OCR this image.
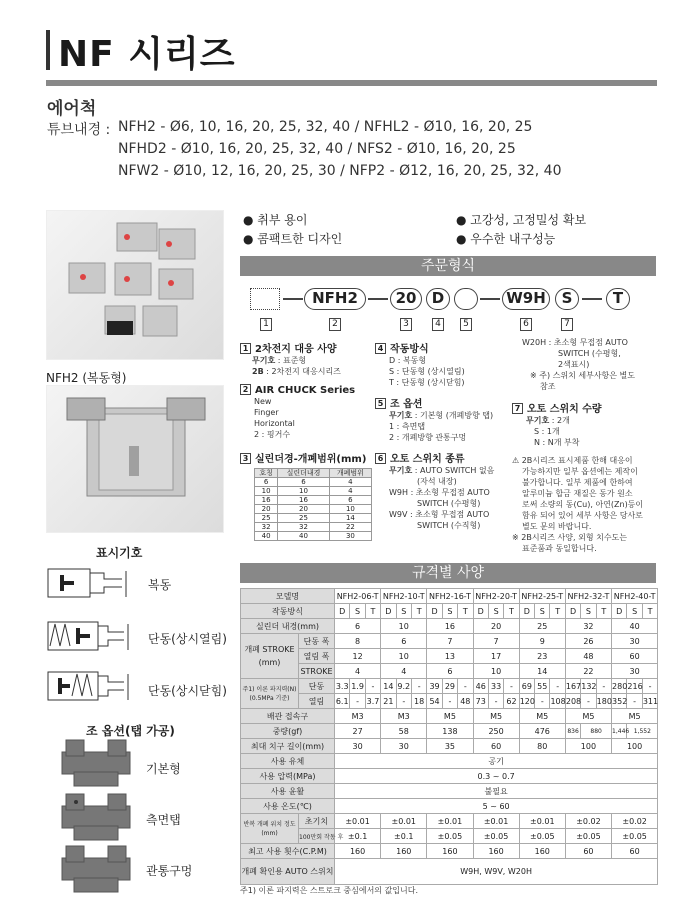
NF 시리즈
에어척
튜브내경 : NFH2 - Ø6, 10, 16, 20, 25, 32, 40 / NFHL2 - Ø10, 16, 20, 25
NFHD2 - Ø10, 16, 20, 25, 32, 40 / NFS2 - Ø10, 16, 20, 25
NFW2 - Ø10, 12, 16, 20, 25, 30 / NFP2 - Ø12, 16, 20, 25, 32, 40
NFH2 (복동형)
표시기호
복동
단동(상시열림)
단동(상시닫힘)
조 옵션(탭 가공)
기본형
측면탭
관통구멍
● 취부 용이	● 고강성, 고정밀성 확보
● 콤팩트한 디자인	● 우수한 내구성능
주문형식
NFH2	20	D	W9H	S	T
1	2	3	4	5	6	7
1 2차전지 대응 사양
무기호 : 표준형
2B : 2차전지 대응시리즈
2 AIR CHUCK Series
New
Finger
Horizontal
2 : 핑거수
3 실린더경-개폐범위(mm)
호칭	실린더내경	개폐범위
6	6	4
10	10	4
16	16	6
20	20	10
25	25	14
32	32	22
40	40	30
4 작동방식
D : 복동형
S : 단동형 (상시열림)
T : 단동형 (상시닫힘)
5 조 옵션
무기호 : 기본형 (개폐방향 탭)
1 : 측면탭
2 : 개폐방향 관통구멍
6 오토 스위치 종류
무기호 : AUTO SWITCH 없음
(자석 내장)
W9H : 초소형 무접점 AUTO
SWITCH (수평형)
W9V : 초소형 무접점 AUTO
SWITCH (수직형)
W20H : 초소형 무접점 AUTO
SWITCH (수평형,
2색표시)
※ 주) 스위치 세부사항은 별도
참조
7 오토 스위치 수량
무기호 : 2개
S : 1개
N : N개 부착
⚠ 2B시리즈 표시제품 한해 대응이
가능하지만 일부 옵션에는 제작이
불가합니다. 일부 제품에 한하여
알루미늄 합금 재질은 동가 원소
로써 소량의 동(Cu), 아연(Zn)등이
함유 되어 있어 세부 사항은 당사로
별도 문의 바랍니다.
※ 2B시리즈 사양, 외형 치수도는
표준품과 동일합니다.
규격별 사양
모델명		NFH2-06-T			NFH2-10-T			NFH2-16-T			NFH2-20-T			NFH2-25-T			NFH2-32-T			NFH2-40-T		
작동방식		D	S	T	D	S	T	D	S	T	D	S	T	D	S	T	D	S	T	D	S	T
실린더 내경(mm)		6			10			16			20			25			32			40		
개폐 STROKE (mm)	단동 폭	8			6			7			7			9			26			30		
	열림 폭	12			10			13			17			23			48			60		
	STROKE	4			4			6			10			14			22			30		
주1) 이론 파지력(N) (0.5MPa 기준)	단동	3.3	1.9	-	14	9.2	-	39	29	-	46	33	-	69	55	-	167	132	-	280	216	-
	열림	6.1	-	3.7	21	-	18	54	-	48	73	-	62	120	-	108	208	-	180	352	-	311
배관 접속구		M3			M3			M5			M5			M5			M5			M5		
중량(gf)		27			58			138			250			476			836	880		1,446	1,552	
최대 치구 길이(mm)		30			30			35			60			80			100			100		
사용 유체		공기																				
사용 압력(MPa)		0.3 ~ 0.7																				
사용 윤활		불필요																				
사용 온도(℃)		5 ~ 60																				
반복 개폐 위치 정도(mm)	초기치	±0.01			±0.01			±0.01			±0.01			±0.01			±0.02			±0.02		
	100만회 작동 후	±0.1			±0.1			±0.05			±0.05			±0.05			±0.05			±0.05		
최고 사용 횟수(C.P.M)		160			160			160			160			160			60			60		
개폐 확인용 AUTO 스위치		W9H, W9V, W20H																				
주1) 이론 파지력은 스트로크 중심에서의 값입니다.
